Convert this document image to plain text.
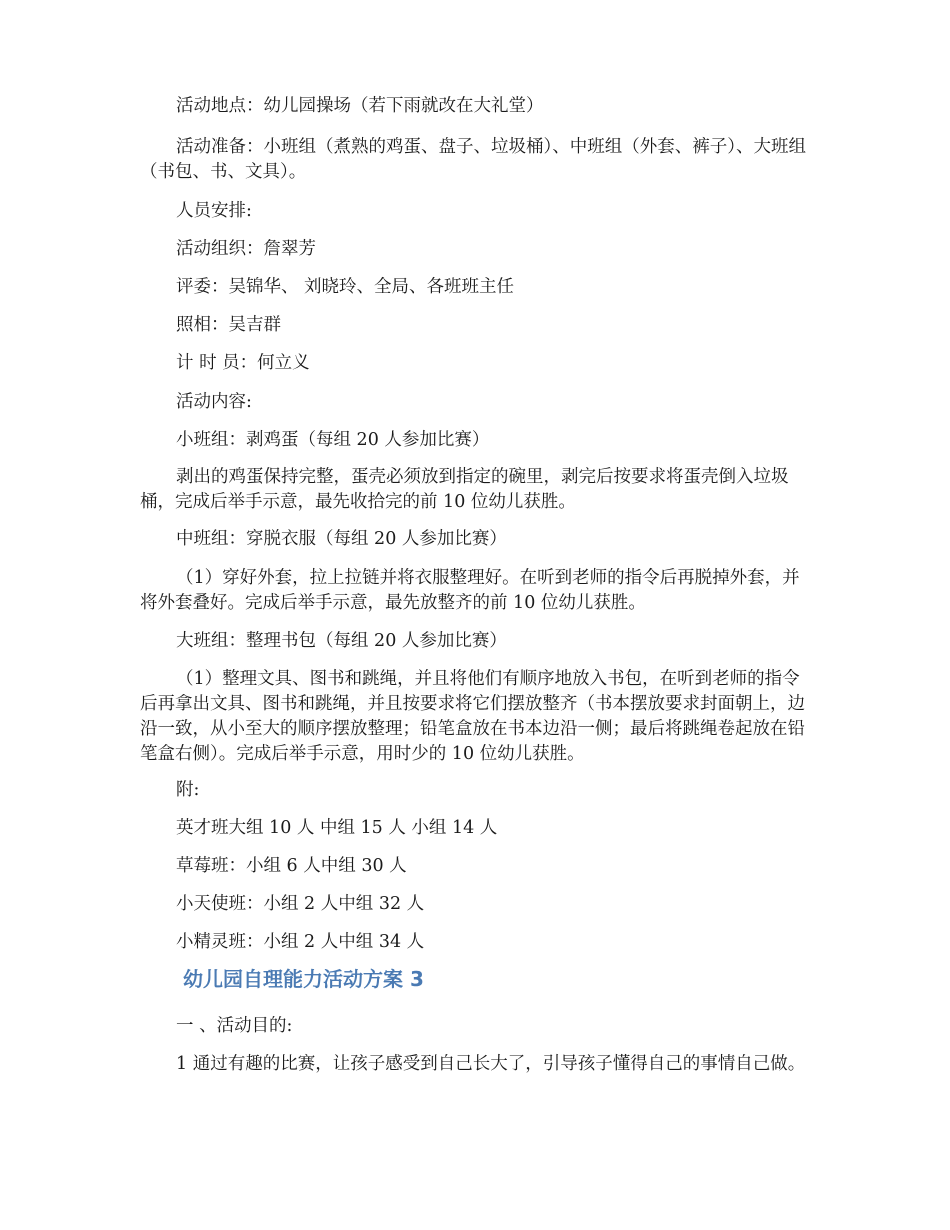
活动地点：幼儿园操场（若下雨就改在大礼堂）

活动准备：小班组（煮熟的鸡蛋、盘子、垃圾桶）、中班组（外套、裤子）、大班组（书包、书、文具）。

人员安排:

活动组织：詹翠芳

评委：吴锦华、 刘晓玲、全局、各班班主任

照相：吴吉群

计 时 员：何立义

活动内容:

小班组：剥鸡蛋（每组 20 人参加比赛）

剥出的鸡蛋保持完整，蛋壳必须放到指定的碗里，剥完后按要求将蛋壳倒入垃圾桶，完成后举手示意，最先收拾完的前 10 位幼儿获胜。

中班组：穿脱衣服（每组 20 人参加比赛）

（1）穿好外套，拉上拉链并将衣服整理好。在听到老师的指令后再脱掉外套，并将外套叠好。完成后举手示意，最先放整齐的前 10 位幼儿获胜。

大班组：整理书包（每组 20 人参加比赛）

（1）整理文具、图书和跳绳，并且将他们有顺序地放入书包，在听到老师的指令后再拿出文具、图书和跳绳，并且按要求将它们摆放整齐（书本摆放要求封面朝上，边沿一致，从小至大的顺序摆放整理；铅笔盒放在书本边沿一侧；最后将跳绳卷起放在铅笔盒右侧）。完成后举手示意，用时少的 10 位幼儿获胜。

附:

英才班大组 10 人 中组 15 人 小组 14 人

草莓班：小组 6 人中组 30 人

小天使班：小组 2 人中组 32 人

小精灵班：小组 2 人中组 34 人

幼儿园自理能力活动方案 3

一 、活动目的:

1 通过有趣的比赛，让孩子感受到自己长大了，引导孩子懂得自己的事情自己做。
